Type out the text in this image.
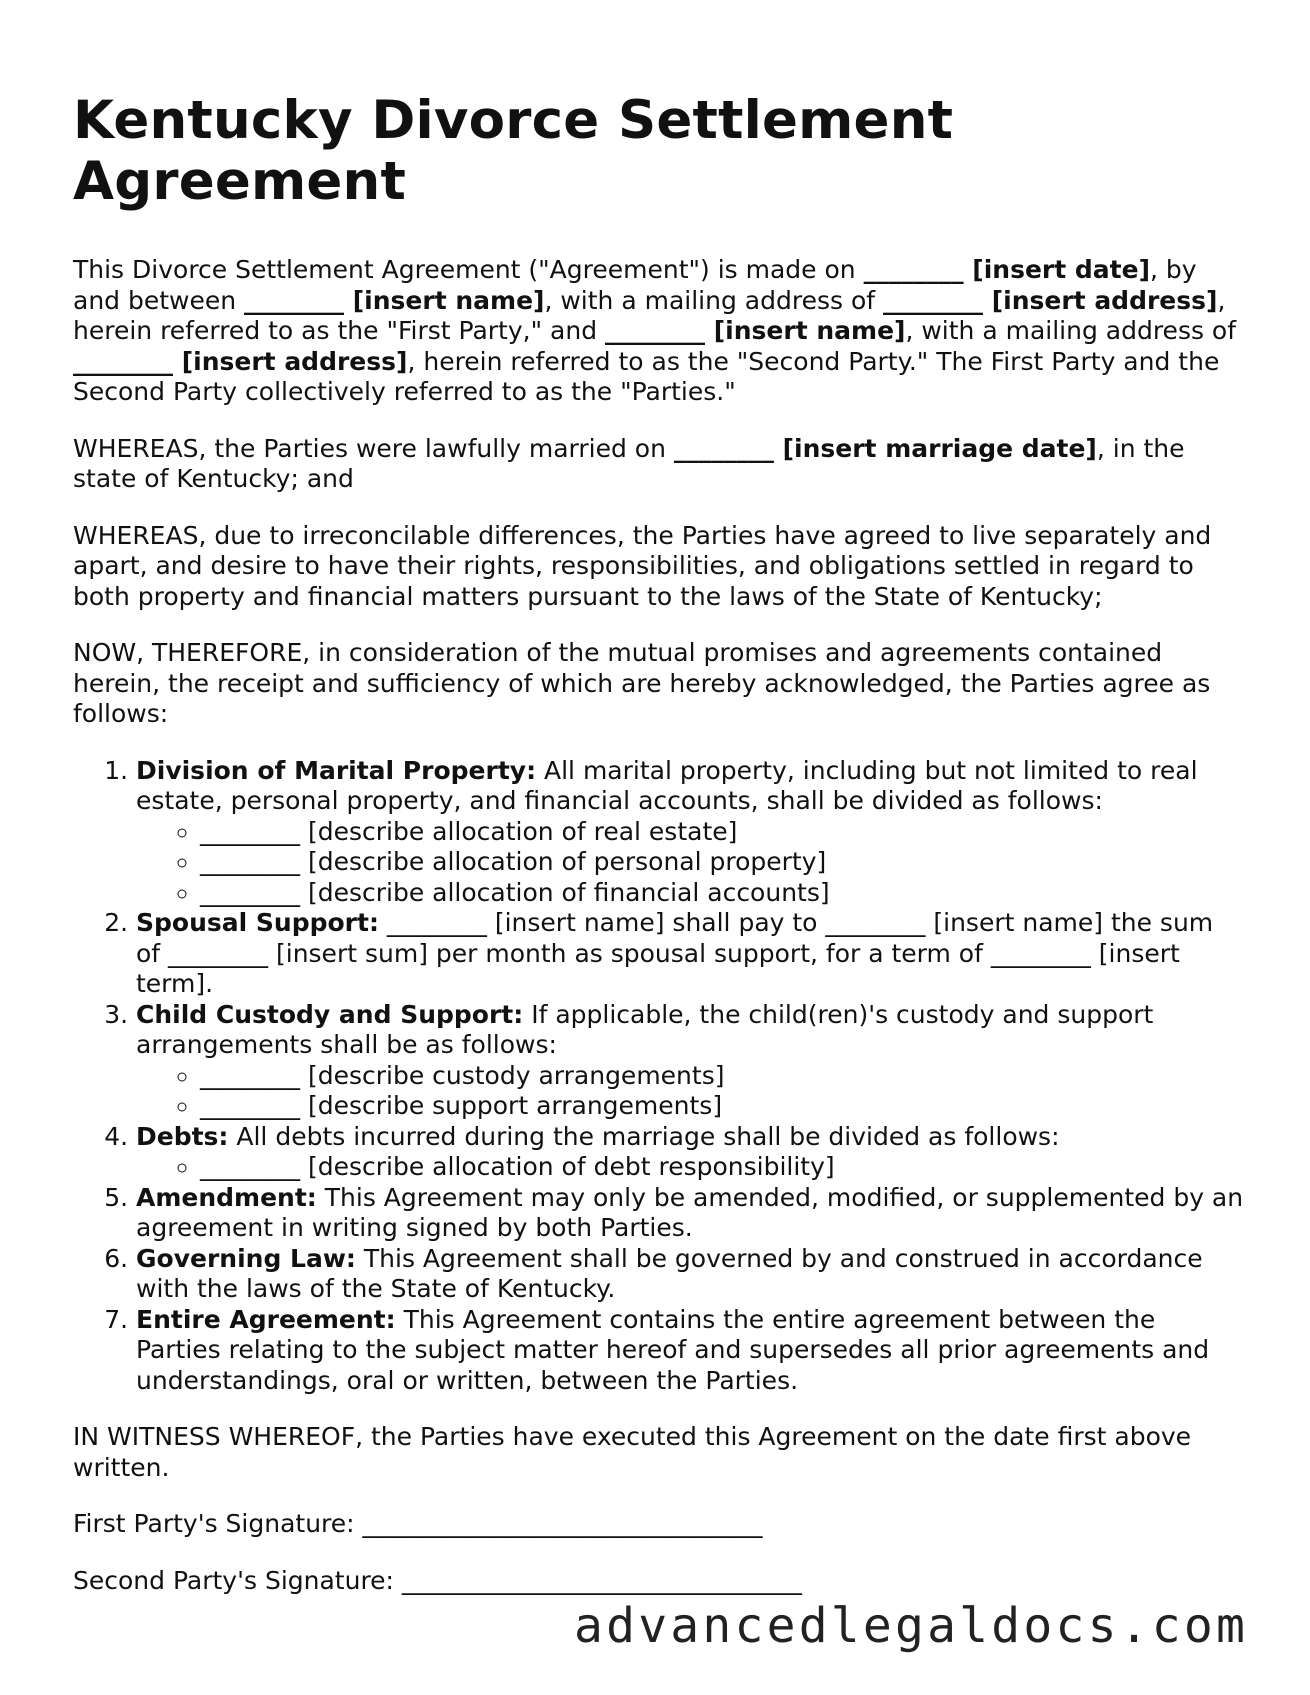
Kentucky Divorce Settlement Agreement

This Divorce Settlement Agreement ("Agreement") is made on ________ [insert date], by and between ________ [insert name], with a mailing address of ________ [insert address], herein referred to as the "First Party," and ________ [insert name], with a mailing address of ________ [insert address], herein referred to as the "Second Party." The First Party and the Second Party collectively referred to as the "Parties."

WHEREAS, the Parties were lawfully married on ________ [insert marriage date], in the state of Kentucky; and

WHEREAS, due to irreconcilable differences, the Parties have agreed to live separately and apart, and desire to have their rights, responsibilities, and obligations settled in regard to both property and financial matters pursuant to the laws of the State of Kentucky;

NOW, THEREFORE, in consideration of the mutual promises and agreements contained herein, the receipt and sufficiency of which are hereby acknowledged, the Parties agree as follows:

1. Division of Marital Property: All marital property, including but not limited to real estate, personal property, and financial accounts, shall be divided as follows:
◦ ________ [describe allocation of real estate]
◦ ________ [describe allocation of personal property]
◦ ________ [describe allocation of financial accounts]
2. Spousal Support: ________ [insert name] shall pay to ________ [insert name] the sum of ________ [insert sum] per month as spousal support, for a term of ________ [insert term].
3. Child Custody and Support: If applicable, the child(ren)'s custody and support arrangements shall be as follows:
◦ ________ [describe custody arrangements]
◦ ________ [describe support arrangements]
4. Debts: All debts incurred during the marriage shall be divided as follows:
◦ ________ [describe allocation of debt responsibility]
5. Amendment: This Agreement may only be amended, modified, or supplemented by an agreement in writing signed by both Parties.
6. Governing Law: This Agreement shall be governed by and construed in accordance with the laws of the State of Kentucky.
7. Entire Agreement: This Agreement contains the entire agreement between the Parties relating to the subject matter hereof and supersedes all prior agreements and understandings, oral or written, between the Parties.

IN WITNESS WHEREOF, the Parties have executed this Agreement on the date first above written.

First Party's Signature: ________________________________
Second Party's Signature: ________________________________
advancedlegaldocs.com
